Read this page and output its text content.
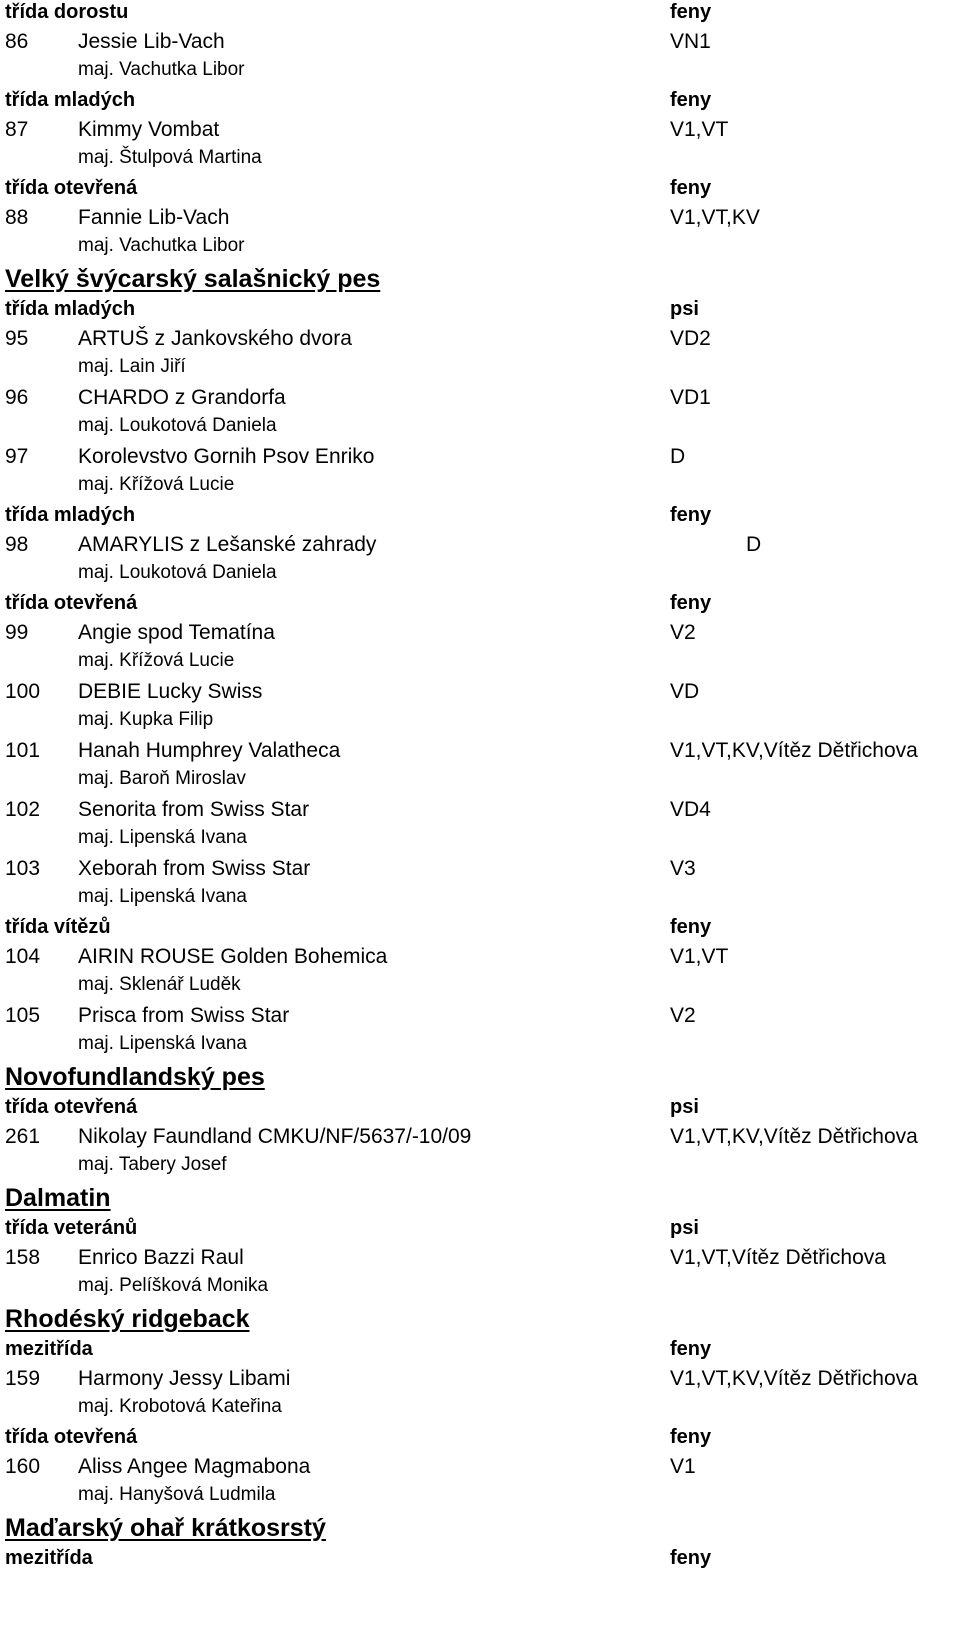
třída dorostu	feny
86 Jessie Lib-Vach	VN1
maj. Vachutka Libor
třída mladých	feny
87 Kimmy Vombat	V1,VT
maj. Štulpová Martina
třída otevřená	feny
88 Fannie Lib-Vach	V1,VT,KV
maj. Vachutka Libor
Velký švýcarský salašnický pes
třída mladých	psi
95 ARTUŠ z Jankovského dvora	VD2
maj. Lain Jiří
96 CHARDO z Grandorfa	VD1
maj. Loukotová Daniela
97 Korolevstvo Gornih Psov Enriko	D
maj. Křížová Lucie
třída mladých	feny
98 AMARYLIS z Lešanské zahrady	D
maj. Loukotová Daniela
třída otevřená	feny
99 Angie spod Tematína	V2
maj. Křížová Lucie
100 DEBIE Lucky Swiss	VD
maj. Kupka Filip
101 Hanah Humphrey Valatheca	V1,VT,KV,Vítěz Dětřichova
maj. Baroň Miroslav
102 Senorita from Swiss Star	VD4
maj. Lipenská Ivana
103 Xeborah from Swiss Star	V3
maj. Lipenská Ivana
třída vítězů	feny
104 AIRIN ROUSE Golden Bohemica	V1,VT
maj. Sklenář Luděk
105 Prisca from Swiss Star	V2
maj. Lipenská Ivana
Novofundlandský pes
třída otevřená	psi
261 Nikolay Faundland CMKU/NF/5637/-10/09	V1,VT,KV,Vítěz Dětřichova
maj. Tabery Josef
Dalmatin
třída veteránů	psi
158 Enrico Bazzi Raul	V1,VT,Vítěz Dětřichova
maj. Pelíšková Monika
Rhodéský ridgeback
mezitřída	feny
159 Harmony Jessy Libami	V1,VT,KV,Vítěz Dětřichova
maj. Krobotová Kateřina
třída otevřená	feny
160 Aliss Angee Magmabona	V1
maj. Hanyšová Ludmila
Maďarský ohař krátkosrstý
mezitřída	feny
